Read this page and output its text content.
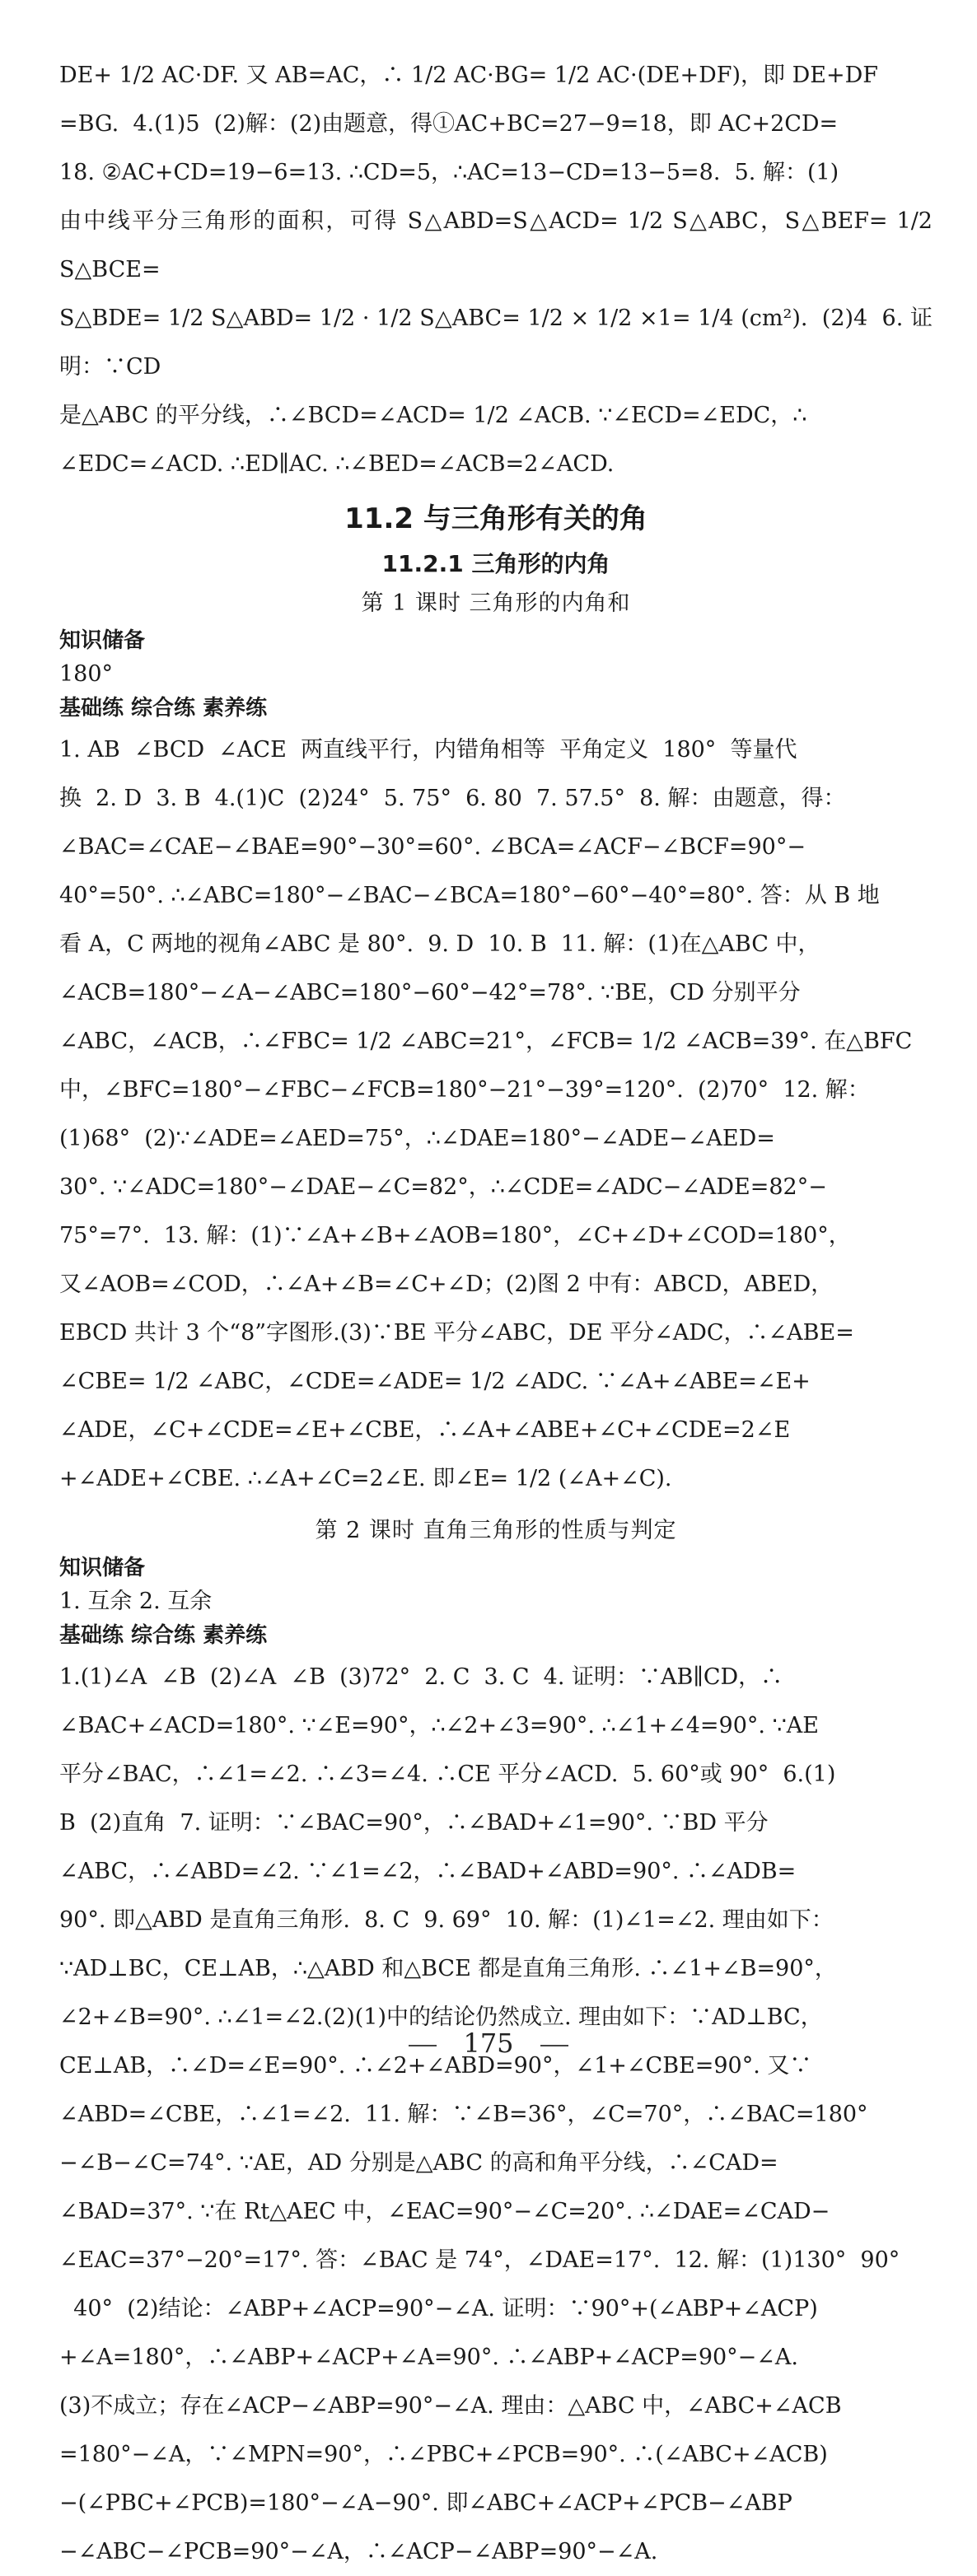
DE+ 1/2 AC·DF. 又 AB=AC，∴ 1/2 AC·BG= 1/2 AC·(DE+DF)，即 DE+DF

=BG.  4.(1)5  (2)解：(2)由题意，得①AC+BC=27−9=18，即 AC+2CD=

18. ②AC+CD=19−6=13. ∴CD=5，∴AC=13−CD=13−5=8.  5. 解：(1)

由中线平分三角形的面积，可得 S△ABD=S△ACD= 1/2 S△ABC，S△BEF= 1/2 S△BCE=

S△BDE= 1/2 S△ABD= 1/2 · 1/2 S△ABC= 1/2 × 1/2 ×1= 1/4 (cm²).  (2)4  6. 证明：∵CD

是△ABC 的平分线，∴∠BCD=∠ACD= 1/2 ∠ACB. ∵∠ECD=∠EDC，∴

∠EDC=∠ACD. ∴ED∥AC. ∴∠BED=∠ACB=2∠ACD.

11.2 与三角形有关的角

11.2.1 三角形的内角

第 1 课时 三角形的内角和

知识储备

180°

基础练 综合练 素养练

1. AB  ∠BCD  ∠ACE  两直线平行，内错角相等  平角定义  180°  等量代

换  2. D  3. B  4.(1)C  (2)24°  5. 75°  6. 80  7. 57.5°  8. 解：由题意，得：

∠BAC=∠CAE−∠BAE=90°−30°=60°. ∠BCA=∠ACF−∠BCF=90°−

40°=50°. ∴∠ABC=180°−∠BAC−∠BCA=180°−60°−40°=80°. 答：从 B 地

看 A，C 两地的视角∠ABC 是 80°.  9. D  10. B  11. 解：(1)在△ABC 中，

∠ACB=180°−∠A−∠ABC=180°−60°−42°=78°. ∵BE，CD 分别平分

∠ABC，∠ACB，∴∠FBC= 1/2 ∠ABC=21°，∠FCB= 1/2 ∠ACB=39°. 在△BFC

中，∠BFC=180°−∠FBC−∠FCB=180°−21°−39°=120°.  (2)70°  12. 解：

(1)68°  (2)∵∠ADE=∠AED=75°，∴∠DAE=180°−∠ADE−∠AED=

30°. ∵∠ADC=180°−∠DAE−∠C=82°，∴∠CDE=∠ADC−∠ADE=82°−

75°=7°.  13. 解：(1)∵∠A+∠B+∠AOB=180°，∠C+∠D+∠COD=180°，

又∠AOB=∠COD，∴∠A+∠B=∠C+∠D；(2)图 2 中有：ABCD，ABED，

EBCD 共计 3 个“8”字图形.(3)∵BE 平分∠ABC，DE 平分∠ADC，∴∠ABE=

∠CBE= 1/2 ∠ABC，∠CDE=∠ADE= 1/2 ∠ADC. ∵∠A+∠ABE=∠E+

∠ADE，∠C+∠CDE=∠E+∠CBE，∴∠A+∠ABE+∠C+∠CDE=2∠E

+∠ADE+∠CBE. ∴∠A+∠C=2∠E. 即∠E= 1/2 (∠A+∠C).

第 2 课时 直角三角形的性质与判定

知识储备

1. 互余 2. 互余

基础练 综合练 素养练

1.(1)∠A  ∠B  (2)∠A  ∠B  (3)72°  2. C  3. C  4. 证明：∵AB∥CD，∴

∠BAC+∠ACD=180°. ∵∠E=90°，∴∠2+∠3=90°. ∴∠1+∠4=90°. ∵AE

平分∠BAC，∴∠1=∠2. ∴∠3=∠4. ∴CE 平分∠ACD.  5. 60°或 90°  6.(1)

B  (2)直角  7. 证明：∵∠BAC=90°，∴∠BAD+∠1=90°. ∵BD 平分

∠ABC，∴∠ABD=∠2. ∵∠1=∠2，∴∠BAD+∠ABD=90°. ∴∠ADB=

90°. 即△ABD 是直角三角形.  8. C  9. 69°  10. 解：(1)∠1=∠2. 理由如下：

∵AD⊥BC，CE⊥AB，∴△ABD 和△BCE 都是直角三角形. ∴∠1+∠B=90°，

∠2+∠B=90°. ∴∠1=∠2.(2)(1)中的结论仍然成立. 理由如下：∵AD⊥BC，

CE⊥AB，∴∠D=∠E=90°. ∴∠2+∠ABD=90°，∠1+∠CBE=90°. 又∵

∠ABD=∠CBE，∴∠1=∠2.  11. 解：∵∠B=36°，∠C=70°，∴∠BAC=180°

−∠B−∠C=74°. ∵AE，AD 分别是△ABC 的高和角平分线，∴∠CAD=

∠BAD=37°. ∵在 Rt△AEC 中，∠EAC=90°−∠C=20°. ∴∠DAE=∠CAD−

∠EAC=37°−20°=17°. 答：∠BAC 是 74°，∠DAE=17°.  12. 解：(1)130°  90°

40°  (2)结论：∠ABP+∠ACP=90°−∠A. 证明：∵90°+(∠ABP+∠ACP)

+∠A=180°，∴∠ABP+∠ACP+∠A=90°. ∴∠ABP+∠ACP=90°−∠A.

(3)不成立；存在∠ACP−∠ABP=90°−∠A. 理由：△ABC 中，∠ABC+∠ACB

=180°−∠A，∵∠MPN=90°，∴∠PBC+∠PCB=90°. ∴(∠ABC+∠ACB)

−(∠PBC+∠PCB)=180°−∠A−90°. 即∠ABC+∠ACP+∠PCB−∠ABP

−∠ABC−∠PCB=90°−∠A，∴∠ACP−∠ABP=90°−∠A.

175
